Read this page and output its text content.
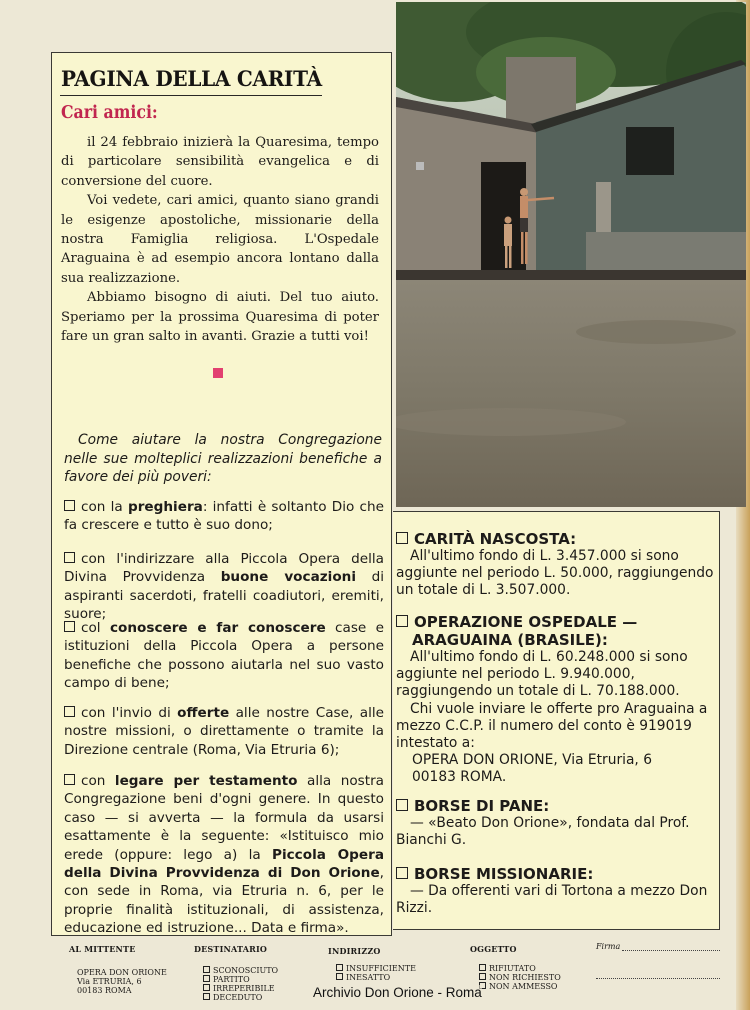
PAGINA DELLA CARITÀ
Cari amici:

il 24 febbraio inizierà la Quaresima, tempo di particolare sensibilità evangelica e di conversione del cuore.

Voi vedete, cari amici, quanto siano grandi le esigenze apostoliche, missionarie della nostra Famiglia religiosa. L'Ospedale Araguaina è ad esempio ancora lontano dalla sua realizzazione.

Abbiamo bisogno di aiuti. Del tuo aiuto. Speriamo per la prossima Quaresima di poter fare un gran salto in avanti. Grazie a tutti voi!

Come aiutare la nostra Congregazione nelle sue molteplici realizzazioni benefiche a favore dei più poveri:

con la preghiera: infatti è soltanto Dio che fa crescere e tutto è suo dono;
con l'indirizzare alla Piccola Opera della Divina Provvidenza buone vocazioni di aspiranti sacerdoti, fratelli coadiutori, eremiti, suore;
col conoscere e far conoscere case e istituzioni della Piccola Opera a persone benefiche che possono aiutarla nel suo vasto campo di bene;
con l'invio di offerte alle nostre Case, alle nostre missioni, o direttamente o tramite la Direzione centrale (Roma, Via Etruria 6);
con legare per testamento alla nostra Congregazione beni d'ogni genere. In questo caso — si avverta — la formula da usarsi esattamente è la seguente: «Istituisco mio erede (oppure: lego a) la Piccola Opera della Divina Provvidenza di Don Orione, con sede in Roma, via Etruria n. 6, per le proprie finalità istituzionali, di assistenza, educazione ed istruzione... Data e firma».
CARITÀ NASCOSTA:
All'ultimo fondo di L. 3.457.000 si sono aggiunte nel periodo L. 50.000, raggiungendo un totale di L. 3.507.000.
OPERAZIONE OSPEDALE —
ARAGUAINA (BRASILE):
All'ultimo fondo di L. 60.248.000 si sono aggiunte nel periodo L. 9.940.000, raggiungendo un totale di L. 70.188.000.
Chi vuole inviare le offerte pro Araguaina a mezzo C.C.P. il numero del conto è 919019 intestato a:
OPERA DON ORIONE, Via Etruria, 6
00183 ROMA.
BORSE DI PANE:
— «Beato Don Orione», fondata dal Prof. Bianchi G.
BORSE MISSIONARIE:
— Da offerenti vari di Tortona a mezzo Don Rizzi.
AL MITTENTE
OPERA DON ORIONE
Via ETRURIA, 6
00183 ROMA
DESTINATARIO
SCONOSCIUTO
PARTITO
IRREPERIBILE
DECEDUTO
INDIRIZZO
INSUFFICIENTE
INESATTO
OGGETTO
RIFIUTATO
NON RICHIESTO
NON AMMESSO
Firma
Archivio Don Orione - Roma
